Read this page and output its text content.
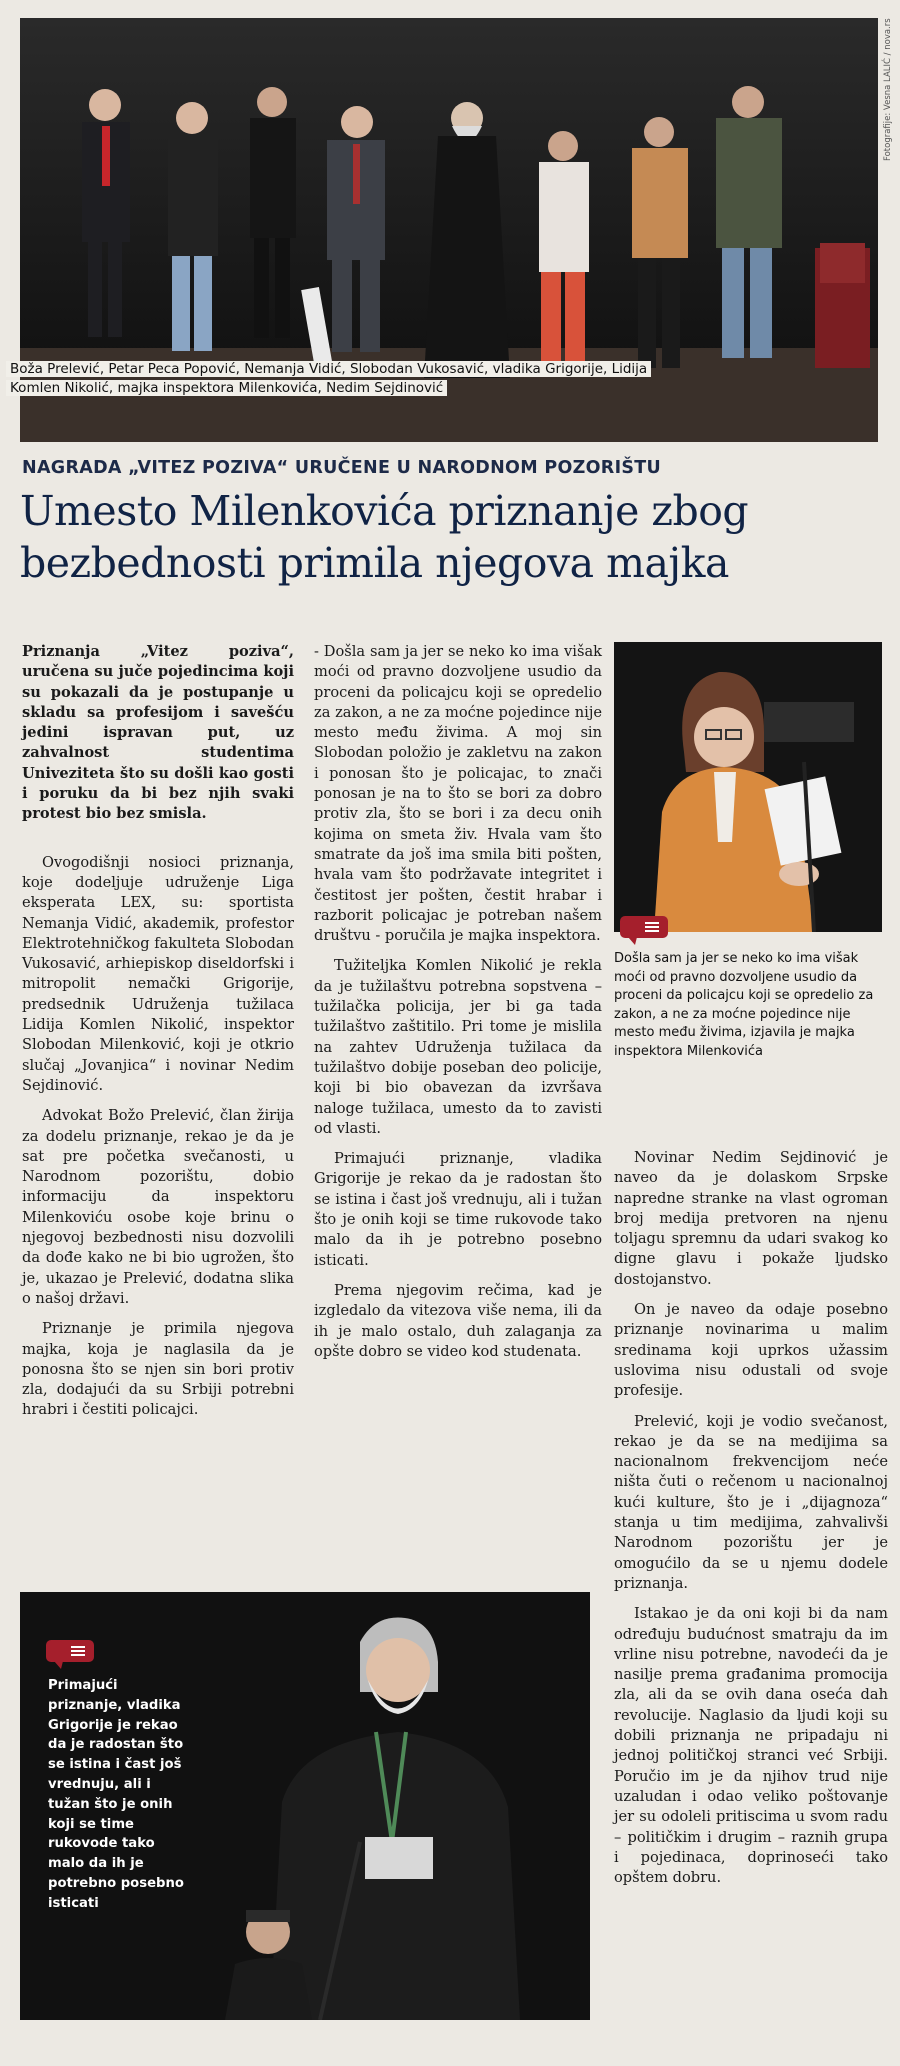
Boža Prelević, Petar Peca Popović, Nemanja Vidić, Slobodan Vukosavić, vladika Grigorije, Lidija Komlen Nikolić, majka inspektora Milenkovića, Nedim Sejdinović
Fotografije: Vesna LALIĆ / nova.rs
NAGRADA „VITEZ POZIVA“ URUČENE U NARODNOM POZORIŠTU
Umesto Milenkovića priznanje zbog bezbednosti primila njegova majka

Priznanja „Vitez poziva“, uručena su juče pojedincima koji su pokazali da je postupanje u skladu sa profesijom i savešću jedini ispravan put, uz zahvalnost studentima Univeziteta što su došli kao gosti i poruku da bi bez njih svaki protest bio bez smisla.

Ovogodišnji nosioci priznanja, koje dodeljuje udruženje Liga eksperata LEX, su: sportista Nemanja Vidić, akademik, profestor Elektrotehničkog fakulteta Slobodan Vukosavić, arhiepiskop diseldorfski i mitropolit nemački Grigorije, predsednik Udruženja tužilaca Lidija Komlen Nikolić, inspektor Slobodan Milenković, koji je otkrio slučaj „Jovanjica“ i novinar Nedim Sejdinović.

Advokat Božo Prelević, član žirija za dodelu priznanje, rekao je da je sat pre početka svečanosti, u Narodnom pozorištu, dobio informaciju da inspektoru Milenkoviću osobe koje brinu o njegovoj bezbednosti nisu dozvolili da dođe kako ne bi bio ugrožen, što je, ukazao je Prelević, dodatna slika o našoj državi.

Priznanje je primila njegova majka, koja je naglasila da je ponosna što se njen sin bori protiv zla, dodajući da su Srbiji potrebni hrabri i čestiti policajci.

- Došla sam ja jer se neko ko ima višak moći od pravno dozvoljene usudio da proceni da policajcu koji se opredelio za zakon, a ne za moćne pojedince nije mesto među živima. A moj sin Slobodan položio je zakletvu na zakon i ponosan što je policajac, to znači ponosan je na to što se bori za dobro protiv zla, što se bori i za decu onih kojima on smeta živ. Hvala vam što smatrate da još ima smila biti pošten, hvala vam što podržavate integritet i čestitost jer pošten, čestit hrabar i razborit policajac je potreban našem društvu - poručila je majka inspektora.

Tužiteljka Komlen Nikolić je rekla da je tužilaštvu potrebna sopstvena – tužilačka policija, jer bi ga tada tužilaštvo zaštitilo. Pri tome je mislila na zahtev Udruženja tužilaca da tužilaštvo dobije poseban deo policije, koji bi bio obavezan da izvršava naloge tužilaca, umesto da to zavisti od vlasti.

Primajući priznanje, vladika Grigorije je rekao da je radostan što se istina i čast još vrednuju, ali i tužan što je onih koji se time rukovode tako malo da ih je potrebno posebno isticati.

Prema njegovim rečima, kad je izgledalo da vitezova više nema, ili da ih je malo ostalo, duh zalaganja za opšte dobro se video kod studenata.

Došla sam ja jer se neko ko ima višak moći od pravno dozvoljene usudio da proceni da policajcu koji se opredelio za zakon, a ne za moćne pojedince nije mesto među živima, izjavila je majka inspektora Milenkovića

Novinar Nedim Sejdinović je naveo da je dolaskom Srpske napredne stranke na vlast ogroman broj medija pretvoren na njenu toljagu spremnu da udari svakog ko digne glavu i pokaže ljudsko dostojanstvo.

On je naveo da odaje posebno priznanje novinarima u malim sredinama koji uprkos užassim uslovima nisu odustali od svoje profesije.

Prelević, koji je vodio svečanost, rekao je da se na medijima sa nacionalnom frekvencijom neće ništa čuti o rečenom u nacionalnoj kući kulture, što je i „dijagnoza“ stanja u tim medijima, zahvalivši Narodnom pozorištu jer je omogućilo da se u njemu dodele priznanja.

Istakao je da oni koji bi da nam određuju budućnost smatraju da im vrline nisu potrebne, navodeći da je nasilje prema građanima promocija zla, ali da se ovih dana oseća dah revolucije. Naglasio da ljudi koji su dobili priznanja ne pripadaju ni jednoj političkoj stranci već Srbiji. Poručio im je da njihov trud nije uzaludan i odao veliko poštovanje jer su odoleli pritiscima u svom radu – političkim i drugim – raznih grupa i pojedinaca, doprinoseći tako opštem dobru.

Primajući priznanje, vladika Grigorije je rekao da je radostan što se istina i čast još vrednuju, ali i tužan što je onih koji se time rukovode tako malo da ih je potrebno posebno isticati
